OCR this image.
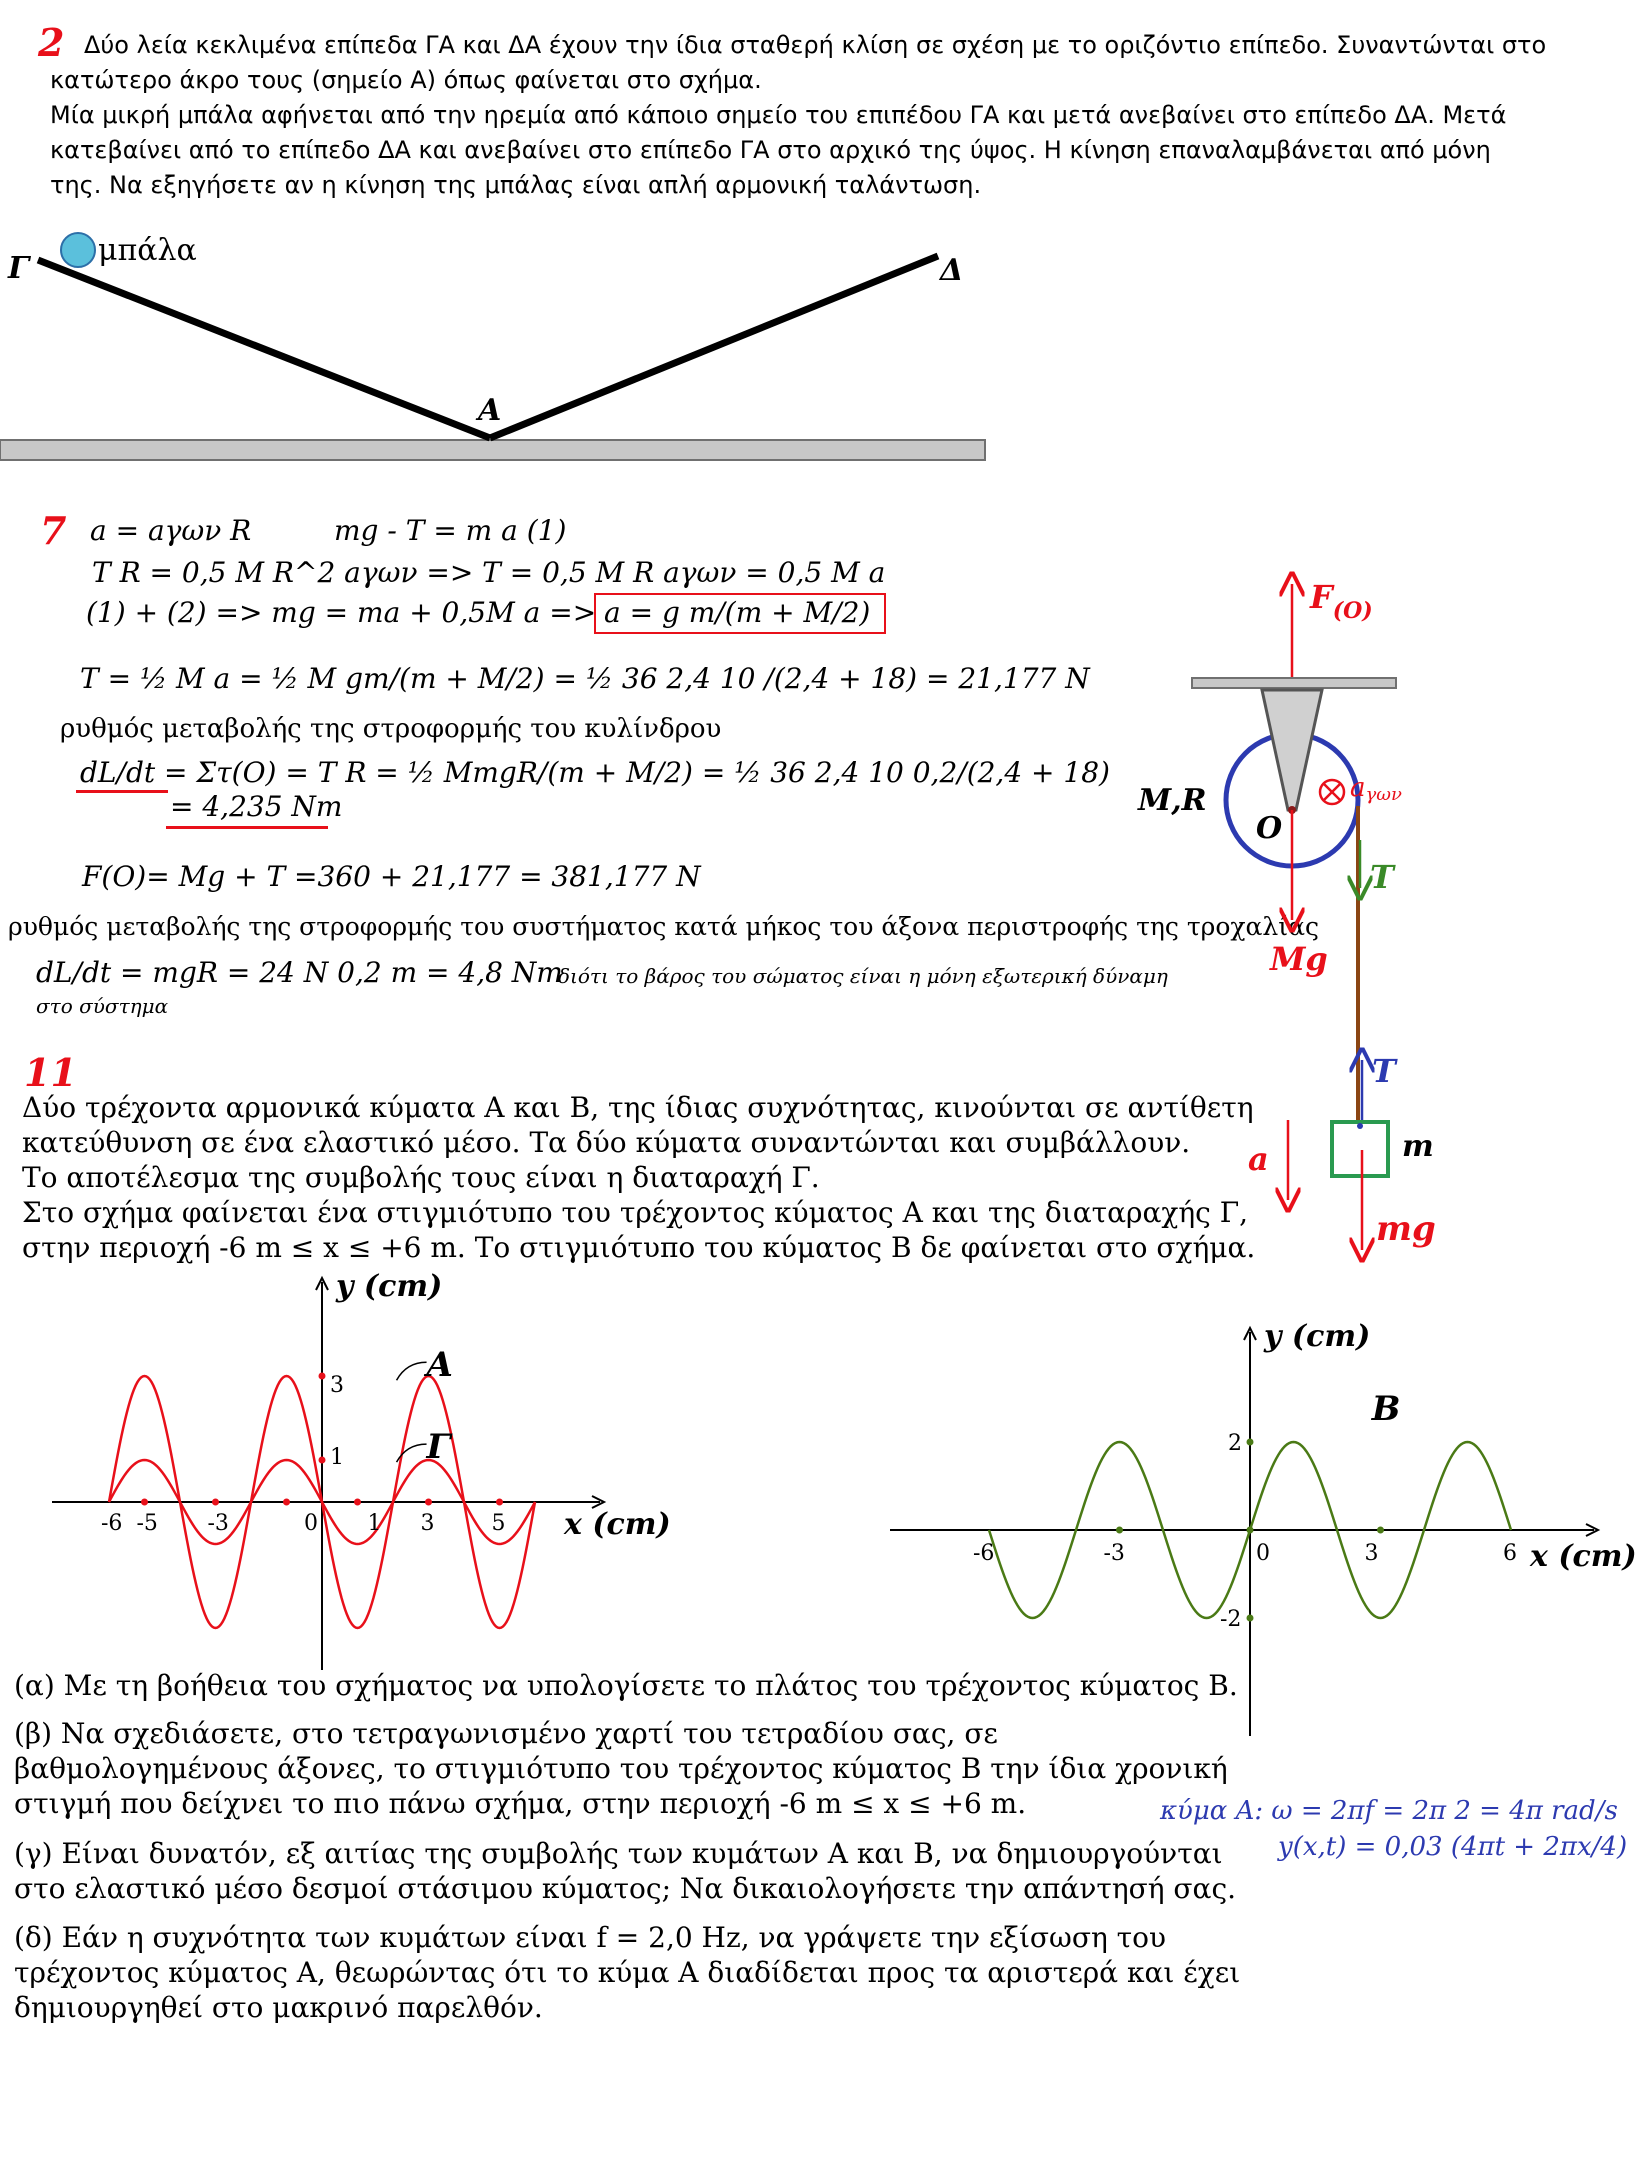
2 Δύο λεία κεκλιμένα επίπεδα ΓΑ και ΔΑ έχουν την ίδια σταθερή κλίση σε σχέση με το οριζόντιο επίπεδο. Συναντώνται στο
κατώτερο άκρο τους (σημείο Α) όπως φαίνεται στο σχήμα.
Μία μικρή μπάλα αφήνεται από την ηρεμία από κάποιο σημείο του επιπέδου ΓΑ και μετά ανεβαίνει στο επίπεδο ΔΑ. Μετά
κατεβαίνει από το επίπεδο ΔΑ και ανεβαίνει στο επίπεδο ΓΑ στο αρχικό της ύψος. Η κίνηση επαναλαμβάνεται από μόνη
της. Να εξηγήσετε αν η κίνηση της μπάλας είναι απλή αρμονική ταλάντωση.
μπάλα
Γ	Δ
Α
7 a = aγων R	mg - T = m a (1)
T R = 0,5 M R^2 aγων => T = 0,5 M R aγων = 0,5 M a
(1) + (2) => mg = ma + 0,5M a => a = g m/(m + M/2)
T = ½ M a = ½ M gm/(m + M/2) = ½ 36 2,4 10 /(2,4 + 18) = 21,177 N
ρυθμός μεταβολής της στροφορμής του κυλίνδρου
dL/dt = Στ(O) = T R = ½ MmgR/(m + M/2) = ½ 36 2,4 10 0,2/(2,4 + 18)
= 4,235 Nm
F(O)= Mg + T =360 + 21,177 = 381,177 N
ρυθμός μεταβολής της στροφορμής του συστήματος κατά μήκος του άξονα περιστροφής της τροχαλίας
dL/dt = mgR = 24 N 0,2 m = 4,8 Nm
διότι το βάρος του σώματος είναι η μόνη εξωτερική δύναμη
στο σύστημα
$F_{(O)}$
aγων
M,R
O
Mg
T
T
m
mg
a
11
Δύο τρέχοντα αρμονικά κύματα Α και Β, της ίδιας συχνότητας, κινούνται σε αντίθετη
κατεύθυνση σε ένα ελαστικό μέσο. Τα δύο κύματα συναντώνται και συμβάλλουν.
Το αποτέλεσμα της συμβολής τους είναι η διαταραχή Γ.
Στο σχήμα φαίνεται ένα στιγμιότυπο του τρέχοντος κύματος Α και της διαταραχής Γ,
στην περιοχή -6 m ≤ x ≤ +6 m. Το στιγμιότυπο του κύματος Β δε φαίνεται στο σχήμα.
x (cm)
y (cm)
-6 -5 -3	0 1 3	5
3
1
Α
Γ
x (cm)
y (cm)
-6	-3	0	3	6
2
-2
Β
(α) Με τη βοήθεια του σχήματος να υπολογίσετε το πλάτος του τρέχοντος κύματος Β.
(β) Να σχεδιάσετε, στο τετραγωνισμένο χαρτί του τετραδίου σας, σε
βαθμολογημένους άξονες, το στιγμιότυπο του τρέχοντος κύματος Β την ίδια χρονική
στιγμή που δείχνει το πιο πάνω σχήμα, στην περιοχή -6 m ≤ x ≤ +6 m.
(γ) Είναι δυνατόν, εξ αιτίας της συμβολής των κυμάτων Α και Β, να δημιουργούνται
στο ελαστικό μέσο δεσμοί στάσιμου κύματος; Να δικαιολογήσετε την απάντησή σας.
(δ) Εάν η συχνότητα των κυμάτων είναι f = 2,0 Hz, να γράψετε την εξίσωση του
τρέχοντος κύματος Α, θεωρώντας ότι το κύμα Α διαδίδεται προς τα αριστερά και έχει
δημιουργηθεί στο μακρινό παρελθόν.
κύμα Α: ω = 2πf = 2π 2 = 4π rad/s
y(x,t) = 0,03 (4πt + 2πx/4)
